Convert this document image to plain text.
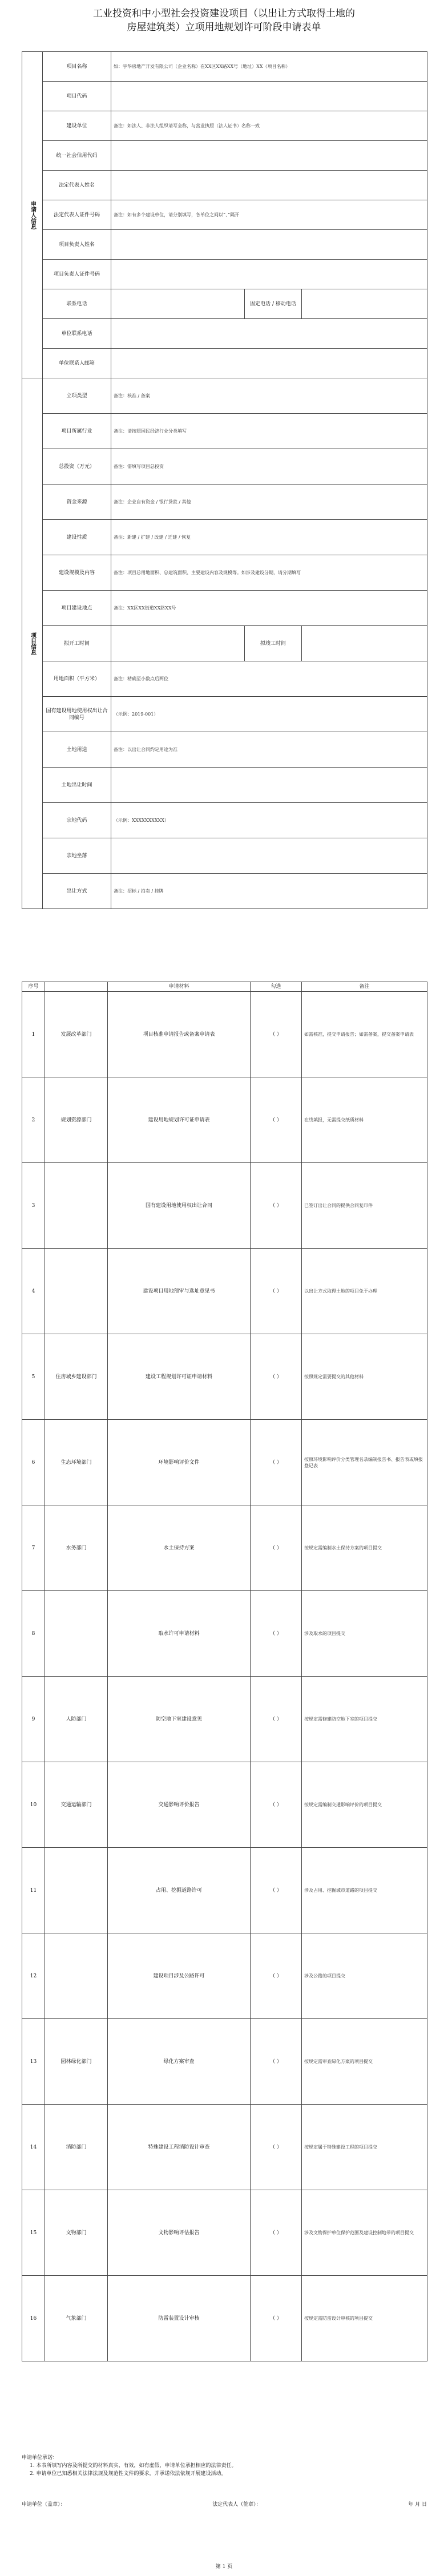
工业投资和中小型社会投资建设项目（以出让方式取得土地的
房屋建筑类）立项用地规划许可阶段申请表单
申请人信息	项目名称	如：宇华房地产开发有限公司（企业名称）在XX区XX路XX号（地址）XX（项目名称）		
	项目代码			
	建设单位	备注：如法人、非法人组织请写全称，与营业执照（法人证书）名称一致		
	统一社会信用代码			
	法定代表人姓名			
	法定代表人证件号码	备注：如有多个建设单位，请分别填写，各单位之间以“、”隔开		
	项目负责人姓名			
	项目负责人证件号码			
	联系电话		固定电话 / 移动电话	
	单位联系电话			
	单位联系人邮箱			
项目信息	立项类型	备注：核准 / 备案		
	项目所属行业	备注：请按照国民经济行业分类填写		
	总投资（万元）	备注：需填写项目总投资		
	资金来源	备注：企业自有资金 / 银行贷款 / 其他		
	建设性质	备注：新建 / 扩建 / 改建 / 迁建 / 恢复		
	建设规模及内容	备注：项目总用地面积、总建筑面积、主要建设内容及规模等。如涉及建设分期，请分期填写		
	项目建设地点	备注：XX区XX街道XX路XX号		
	拟开工时间		拟竣工时间	
	用地面积（平方米）	备注：精确至小数点后两位		
	国有建设用地使用权出让合同编号	（示例：2019-001）		
	土地用途	备注：以出让合同约定用途为准		
	土地出让时间			
	宗地代码	（示例：XXXXXXXXXX）		
	宗地坐落			
	出让方式	备注：招标 / 拍卖 / 挂牌		
序号		申请材料	勾选	备注
1	发展改革部门	项目核准申请报告或备案申请表	（ ）	如需核准，提交申请报告；如需备案，提交备案申请表
2	规划资源部门	建设用地规划许可证申请表	（ ）	在线填报，无需提交纸质材料
3		国有建设用地使用权出让合同	（ ）	已签订出让合同的提供合同复印件
4		建设项目用地预审与选址意见书	（ ）	以出让方式取得土地的项目免于办理
5	住房城乡建设部门	建设工程规划许可证申请材料	（ ）	按照规定需要提交的其他材料
6	生态环境部门	环境影响评价文件	（ ）	按照环境影响评价分类管理名录编制报告书、报告表或填报登记表
7	水务部门	水土保持方案	（ ）	按规定需编制水土保持方案的项目提交
8		取水许可申请材料	（ ）	涉及取水的项目提交
9	人防部门	防空地下室建设意见	（ ）	按规定需修建防空地下室的项目提交
10	交通运输部门	交通影响评价报告	（ ）	按规定需编制交通影响评价的项目提交
11		占用、挖掘道路许可	（ ）	涉及占用、挖掘城市道路的项目提交
12		建设项目涉及公路许可	（ ）	涉及公路的项目提交
13	园林绿化部门	绿化方案审查	（ ）	按规定需审查绿化方案的项目提交
14	消防部门	特殊建设工程消防设计审查	（ ）	按规定属于特殊建设工程的项目提交
15	文物部门	文物影响评估报告	（ ）	涉及文物保护单位保护范围及建设控制地带的项目提交
16	气象部门	防雷装置设计审核	（ ）	按规定需防雷设计审核的项目提交
申请单位承诺：
1. 本表所填写内容及所提交的材料真实、有效，如有虚假，申请单位承担相应的法律责任。
2. 申请单位已知悉相关法律法规及规范性文件的要求，并承诺依法依规开展建设活动。
申请单位（盖章）：	法定代表人（签章）：	年 月 日
第 1 页
